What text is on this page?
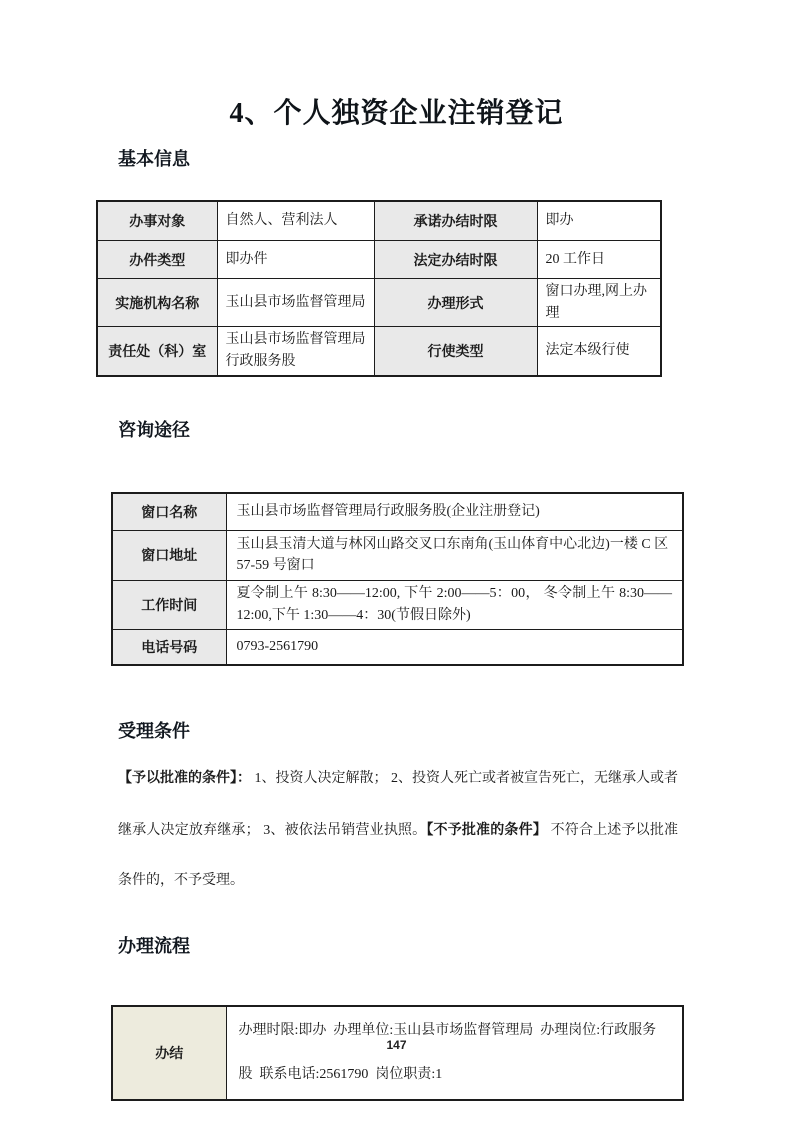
4、个人独资企业注销登记
基本信息
办事对象	自然人、营利法人	承诺办结时限	即办
办件类型	即办件	法定办结时限	20 工作日
实施机构名称	玉山县市场监督管理局	办理形式	窗口办理,网上办理
责任处（科）室	玉山县市场监督管理局行政服务股	行使类型	法定本级行使
咨询途径
窗口名称	玉山县市场监督管理局行政服务股(企业注册登记)
窗口地址	玉山县玉清大道与林冈山路交叉口东南角(玉山体育中心北边)一楼 C 区 57-59 号窗口
工作时间	夏令制上午 8:30——12:00, 下午 2:00——5：00， 冬令制上午 8:30——12:00,下午 1:30——4：30(节假日除外)
电话号码	0793-2561790
受理条件
【予以批准的条件】： 1、投资人决定解散； 2、投资人死亡或者被宣告死亡，无继承人或者继承人决定放弃继承； 3、被依法吊销营业执照。【不予批准的条件】 不符合上述予以批准条件的，不予受理。
办理流程
办结	办理时限:即办  办理单位:玉山县市场监督管理局  办理岗位:行政服务股  联系电话:2561790  岗位职责:1
147
